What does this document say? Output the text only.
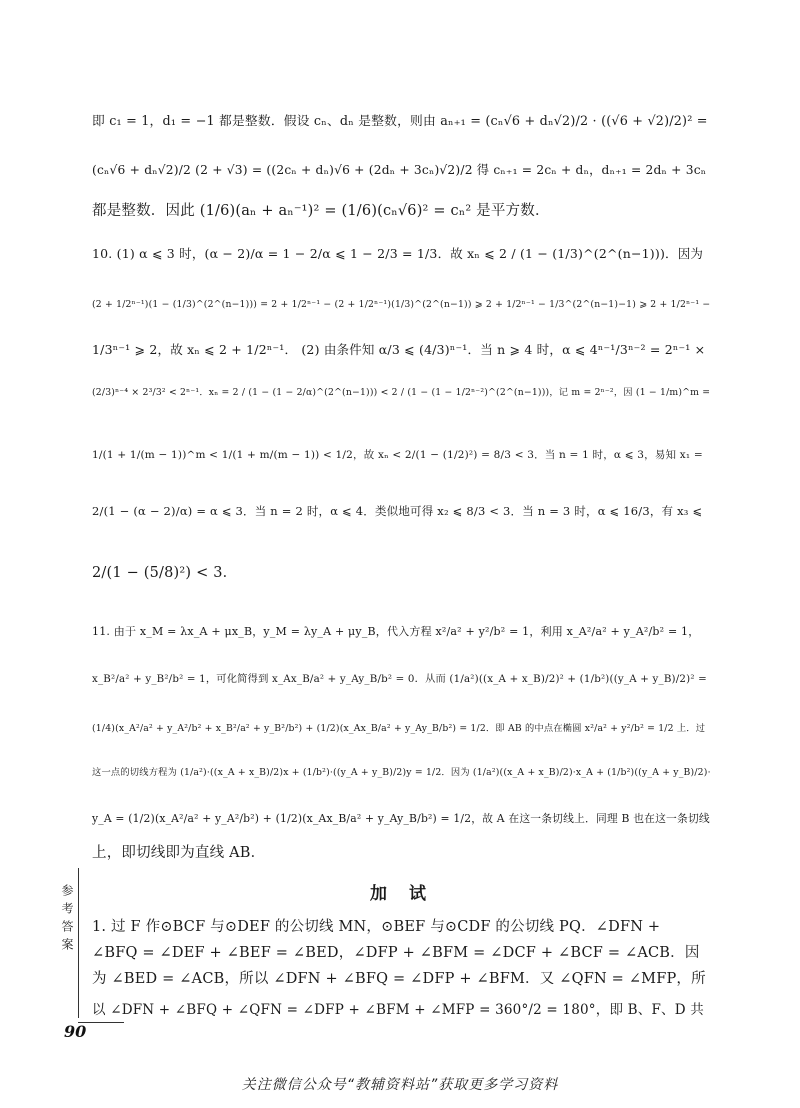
即 c₁ = 1，d₁ = −1 都是整数．假设 cₙ、dₙ 是整数，则由 aₙ₊₁ = (cₙ√6 + dₙ√2)/2 · ((√6 + √2)/2)² =
(cₙ√6 + dₙ√2)/2 (2 + √3) = ((2cₙ + dₙ)√6 + (2dₙ + 3cₙ)√2)/2 得 cₙ₊₁ = 2cₙ + dₙ，dₙ₊₁ = 2dₙ + 3cₙ
都是整数．因此 (1/6)(aₙ + aₙ⁻¹)² = (1/6)(cₙ√6)² = cₙ² 是平方数．
10. (1) α ⩽ 3 时，(α − 2)/α = 1 − 2/α ⩽ 1 − 2/3 = 1/3．故 xₙ ⩽ 2 / (1 − (1/3)^(2^(n−1)))．因为
(2 + 1/2ⁿ⁻¹)(1 − (1/3)^(2^(n−1))) = 2 + 1/2ⁿ⁻¹ − (2 + 1/2ⁿ⁻¹)(1/3)^(2^(n−1)) ⩾ 2 + 1/2ⁿ⁻¹ − 1/3^(2^(n−1)−1) ⩾ 2 + 1/2ⁿ⁻¹ −
1/3ⁿ⁻¹ ⩾ 2，故 xₙ ⩽ 2 + 1/2ⁿ⁻¹． (2) 由条件知 α/3 ⩽ (4/3)ⁿ⁻¹．当 n ⩾ 4 时，α ⩽ 4ⁿ⁻¹/3ⁿ⁻² = 2ⁿ⁻¹ ×
(2/3)ⁿ⁻⁴ × 2³/3² < 2ⁿ⁻¹．xₙ = 2 / (1 − (1 − 2/α)^(2^(n−1))) < 2 / (1 − (1 − 1/2ⁿ⁻²)^(2^(n−1)))，记 m = 2ⁿ⁻²，因 (1 − 1/m)^m =
1/(1 + 1/(m − 1))^m < 1/(1 + m/(m − 1)) < 1/2，故 xₙ < 2/(1 − (1/2)²) = 8/3 < 3．当 n = 1 时，α ⩽ 3，易知 x₁ =
2/(1 − (α − 2)/α) = α ⩽ 3．当 n = 2 时，α ⩽ 4．类似地可得 x₂ ⩽ 8/3 < 3．当 n = 3 时，α ⩽ 16/3，有 x₃ ⩽
2/(1 − (5/8)²) < 3．
11. 由于 x_M = λx_A + μx_B，y_M = λy_A + μy_B，代入方程 x²/a² + y²/b² = 1，利用 x_A²/a² + y_A²/b² = 1，
x_B²/a² + y_B²/b² = 1，可化简得到 x_Ax_B/a² + y_Ay_B/b² = 0．从而 (1/a²)((x_A + x_B)/2)² + (1/b²)((y_A + y_B)/2)² =
(1/4)(x_A²/a² + y_A²/b² + x_B²/a² + y_B²/b²) + (1/2)(x_Ax_B/a² + y_Ay_B/b²) = 1/2．即 AB 的中点在椭圆 x²/a² + y²/b² = 1/2 上．过
这一点的切线方程为 (1/a²)·((x_A + x_B)/2)x + (1/b²)·((y_A + y_B)/2)y = 1/2．因为 (1/a²)((x_A + x_B)/2)·x_A + (1/b²)((y_A + y_B)/2)·
y_A = (1/2)(x_A²/a² + y_A²/b²) + (1/2)(x_Ax_B/a² + y_Ay_B/b²) = 1/2，故 A 在这一条切线上．同理 B 也在这一条切线
上，即切线即为直线 AB．
加 试
1. 过 F 作⊙BCF 与⊙DEF 的公切线 MN，⊙BEF 与⊙CDF 的公切线 PQ．∠DFN +
∠BFQ = ∠DEF + ∠BEF = ∠BED，∠DFP + ∠BFM = ∠DCF + ∠BCF = ∠ACB．因
为 ∠BED = ∠ACB，所以 ∠DFN + ∠BFQ = ∠DFP + ∠BFM．又 ∠QFN = ∠MFP，所
以 ∠DFN + ∠BFQ + ∠QFN = ∠DFP + ∠BFM + ∠MFP = 360°/2 = 180°，即 B、F、D 共
参考答案
90
关注微信公众号“教辅资料站”获取更多学习资料
